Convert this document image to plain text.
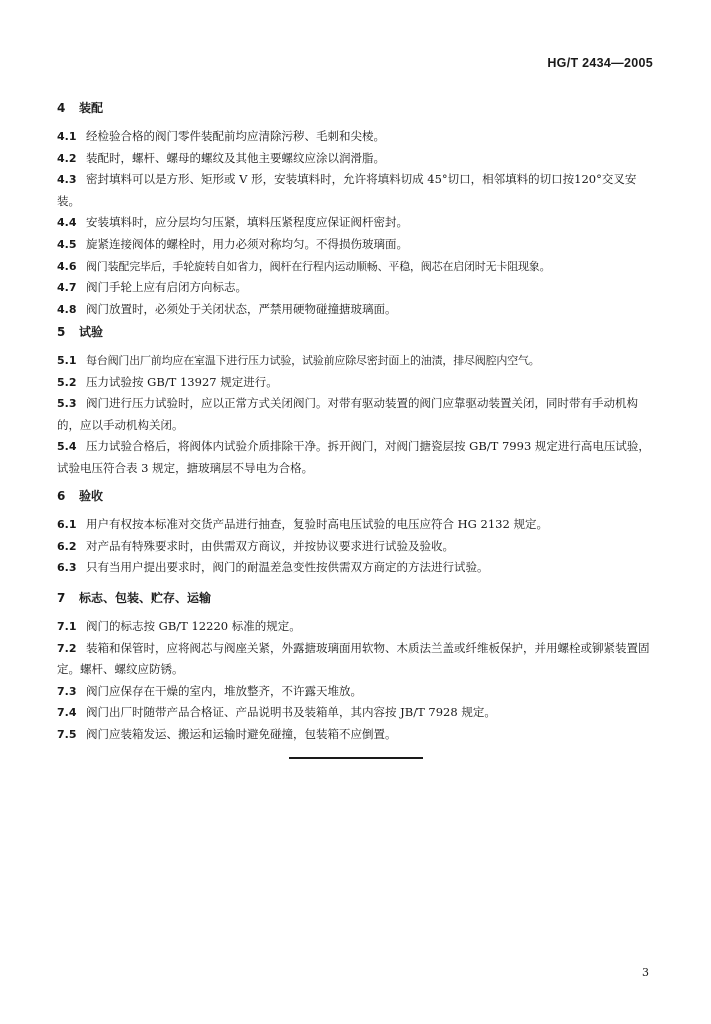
HG/T 2434—2005
4 装配
4.1 经检验合格的阀门零件装配前均应清除污秽、毛刺和尖棱。
4.2 装配时，螺杆、螺母的螺纹及其他主要螺纹应涂以润滑脂。
4.3 密封填料可以是方形、矩形或 V 形，安装填料时，允许将填料切成 45°切口，相邻填料的切口按120°交叉安装。
4.4 安装填料时，应分层均匀压紧，填料压紧程度应保证阀杆密封。
4.5 旋紧连接阀体的螺栓时，用力必须对称均匀。不得损伤玻璃面。
4.6 阀门装配完毕后，手轮旋转自如省力，阀杆在行程内运动顺畅、平稳，阀芯在启闭时无卡阻现象。
4.7 阀门手轮上应有启闭方向标志。
4.8 阀门放置时，必须处于关闭状态，严禁用硬物碰撞搪玻璃面。
5 试验
5.1 每台阀门出厂前均应在室温下进行压力试验，试验前应除尽密封面上的油渍，排尽阀腔内空气。
5.2 压力试验按 GB/T 13927 规定进行。
5.3 阀门进行压力试验时，应以正常方式关闭阀门。对带有驱动装置的阀门应靠驱动装置关闭，同时带有手动机构的，应以手动机构关闭。
5.4 压力试验合格后，将阀体内试验介质排除干净。拆开阀门，对阀门搪瓷层按 GB/T 7993 规定进行高电压试验，试验电压符合表 3 规定，搪玻璃层不导电为合格。
6 验收
6.1 用户有权按本标准对交货产品进行抽查，复验时高电压试验的电压应符合 HG 2132 规定。
6.2 对产品有特殊要求时，由供需双方商议，并按协议要求进行试验及验收。
6.3 只有当用户提出要求时，阀门的耐温差急变性按供需双方商定的方法进行试验。
7 标志、包装、贮存、运输
7.1 阀门的标志按 GB/T 12220 标准的规定。
7.2 装箱和保管时，应将阀芯与阀座关紧，外露搪玻璃面用软物、木质法兰盖或纤维板保护，并用螺栓或铆紧装置固定。螺杆、螺纹应防锈。
7.3 阀门应保存在干燥的室内，堆放整齐，不许露天堆放。
7.4 阀门出厂时随带产品合格证、产品说明书及装箱单，其内容按 JB/T 7928 规定。
7.5 阀门应装箱发运、搬运和运输时避免碰撞，包装箱不应倒置。
3
